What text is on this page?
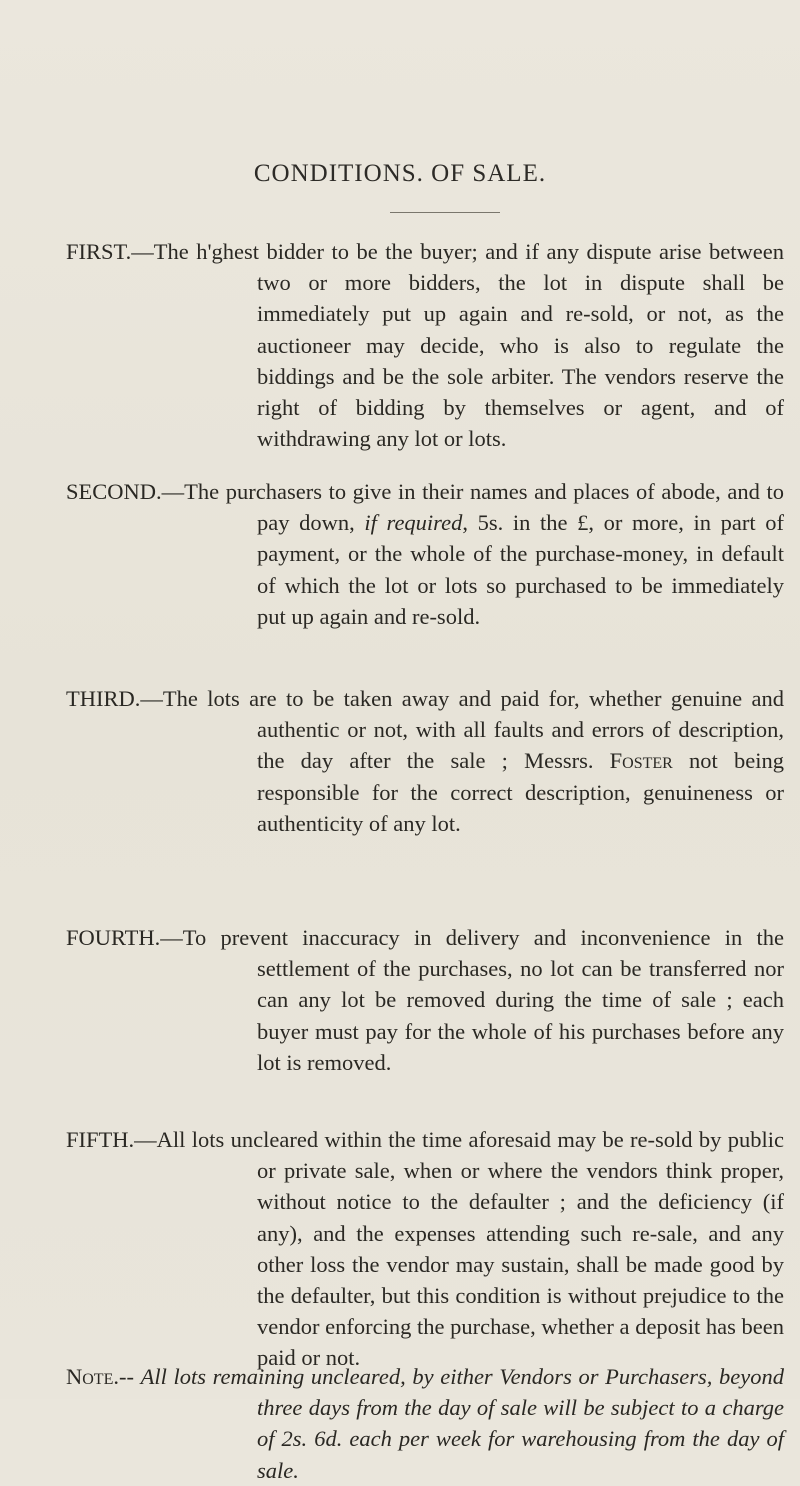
CONDITIONS. OF SALE.

FIRST.—The h'ghest bidder to be the buyer; and if any dispute arise between two or more bidders, the lot in dispute shall be immediately put up again and re-sold, or not, as the auctioneer may decide, who is also to regulate the biddings and be the sole arbiter. The vendors reserve the right of bidding by themselves or agent, and of withdrawing any lot or lots.

SECOND.—The purchasers to give in their names and places of abode, and to pay down, if required, 5s. in the £, or more, in part of payment, or the whole of the purchase-money, in default of which the lot or lots so purchased to be immediately put up again and re-sold.

THIRD.—The lots are to be taken away and paid for, whether genuine and authentic or not, with all faults and errors of description, the day after the sale ; Messrs. Foster not being responsible for the correct description, genuineness or authenticity of any lot.

FOURTH.—To prevent inaccuracy in delivery and inconvenience in the settlement of the purchases, no lot can be transferred nor can any lot be removed during the time of sale ; each buyer must pay for the whole of his purchases before any lot is removed.

FIFTH.—All lots uncleared within the time aforesaid may be re-sold by public or private sale, when or where the vendors think proper, without notice to the defaulter ; and the deficiency (if any), and the expenses attending such re-sale, and any other loss the vendor may sustain, shall be made good by the defaulter, but this condition is without prejudice to the vendor enforcing the purchase, whether a deposit has been paid or not.

Note.-- All lots remaining uncleared, by either Vendors or Purchasers, beyond three days from the day of sale will be subject to a charge of 2s. 6d. each per week for warehousing from the day of sale.
